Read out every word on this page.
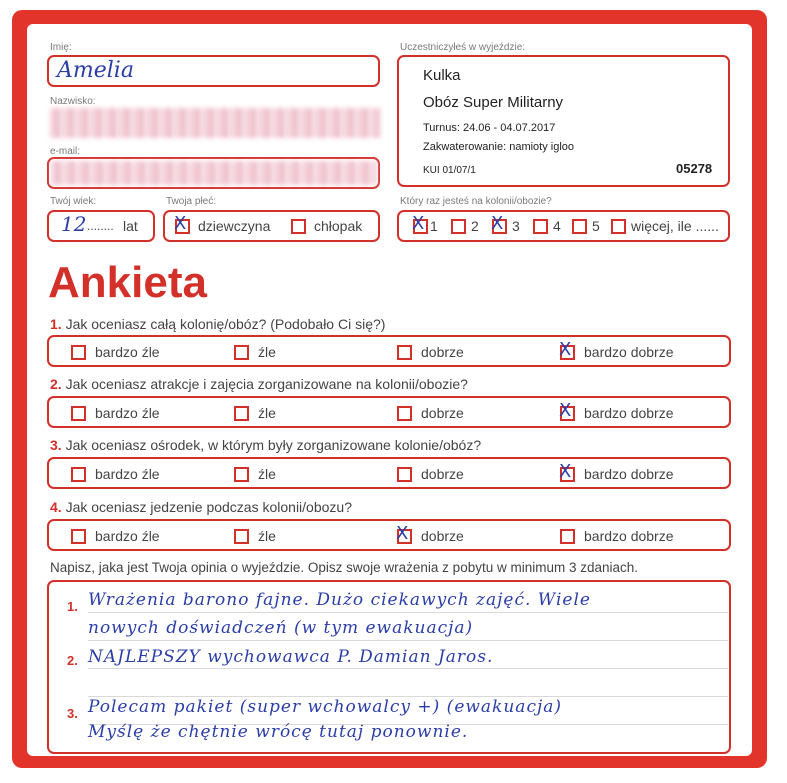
Imię:
Amelia
Nazwisko:
e-mail:
Twój wiek:
12 ........ lat
Twoja płeć:
X dziewczyna	chłopak
Uczestniczyłeś w wyjeździe:
Kulka
Obóz Super Militarny
Turnus: 24.06 - 04.07.2017
Zakwaterowanie: namioty igloo
KUI 01/07/1	05278
Który raz jesteś na kolonii/obozie?
X 1 2 X 3 4 5 więcej, ile ......
Ankieta
1. Jak oceniasz całą kolonię/obóz? (Podobało Ci się?)
bardzo źle	źle	dobrze	X bardzo dobrze
2. Jak oceniasz atrakcje i zajęcia zorganizowane na kolonii/obozie?
bardzo źle	źle	dobrze	X bardzo dobrze
3. Jak oceniasz ośrodek, w którym były zorganizowane kolonie/obóz?
bardzo źle	źle	dobrze	X bardzo dobrze
4. Jak oceniasz jedzenie podczas kolonii/obozu?
bardzo źle	źle	X dobrze	bardzo dobrze
Napisz, jaka jest Twoja opinia o wyjeździe. Opisz swoje wrażenia z pobytu w minimum 3 zdaniach.
1.
2.
3.
Wrażenia barono fajne. Dużo ciekawych zajęć. Wiele
nowych doświadczeń (w tym ewakuacja)
NAJLEPSZY wychowawca P. Damian Jaros.
Polecam pakiet (super wchowalcy +) (ewakuacja)
Myślę że chętnie wrócę tutaj ponownie.
